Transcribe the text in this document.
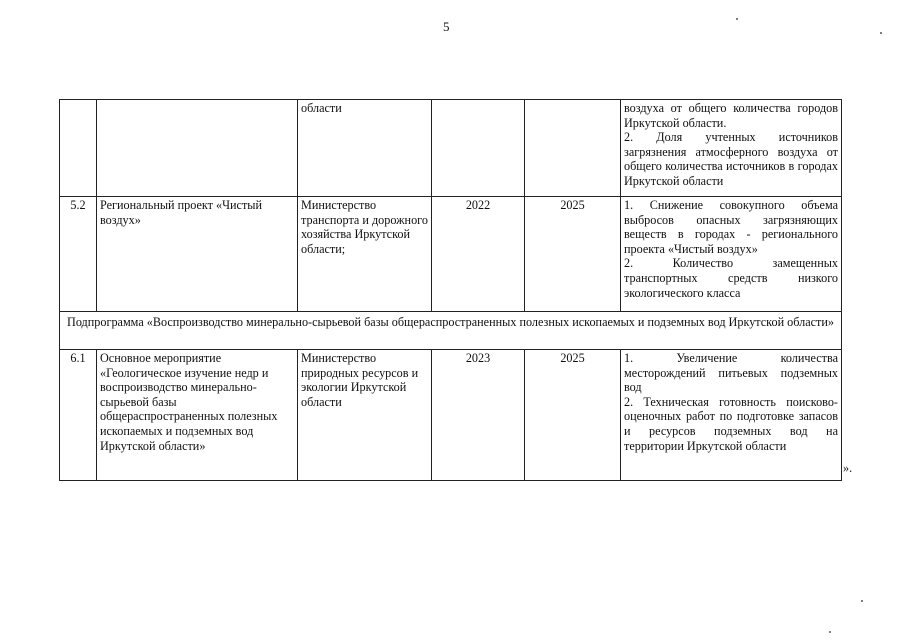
5
		области			воздуха от общего количества городов Иркутской области.
2. Доля учтенных источников загрязнения атмосферного воздуха от общего количества источников в городах Иркутской области

5.2	Региональный проект «Чистый воздух»	Министерство транспорта и дорожного хозяйства Иркутской области;	2022	2025	1. Снижение совокупного объема выбросов опасных загрязняющих веществ в городах - регионального проекта «Чистый воздух»
2. Количество замещенных транспортных средств низкого экологического класса

Подпрограмма «Воспроизводство минерально-сырьевой базы общераспространенных полезных ископаемых и подземных вод Иркутской области»					
6.1	Основное мероприятие «Геологическое изучение недр и воспроизводство минерально-сырьевой базы общераспространенных полезных ископаемых и подземных вод Иркутской области»	Министерство природных ресурсов и экологии Иркутской области	2023	2025	1. Увеличение количества месторождений питьевых подземных вод
2. Техническая готовность поисково-оценочных работ по подготовке запасов и ресурсов подземных вод на территории Иркутской области
».
